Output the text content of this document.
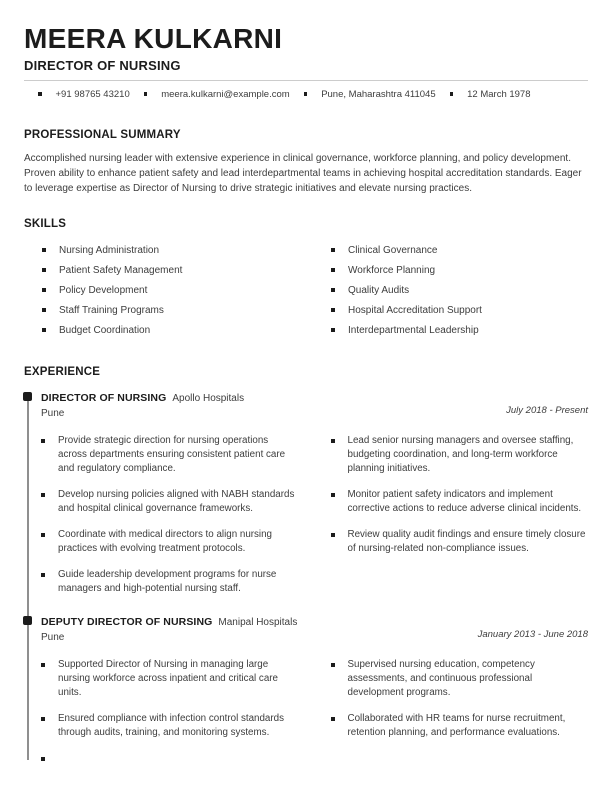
MEERA KULKARNI
DIRECTOR OF NURSING
+91 98765 43210	meera.kulkarni@example.com	Pune, Maharashtra 411045	12 March 1978
PROFESSIONAL SUMMARY

Accomplished nursing leader with extensive experience in clinical governance, workforce planning, and policy development. Proven ability to enhance patient safety and lead interdepartmental teams in achieving hospital accreditation standards. Eager to leverage expertise as Director of Nursing to drive strategic initiatives and elevate nursing practices.

SKILLS
Nursing Administration
Patient Safety Management
Policy Development
Staff Training Programs
Budget Coordination
Clinical Governance
Workforce Planning
Quality Audits
Hospital Accreditation Support
Interdepartmental Leadership
EXPERIENCE
DIRECTOR OF NURSING Apollo Hospitals
Pune	July 2018 - Present
Provide strategic direction for nursing operations across departments ensuring consistent patient care and regulatory compliance.
Develop nursing policies aligned with NABH standards and hospital clinical governance frameworks.
Coordinate with medical directors to align nursing practices with evolving treatment protocols.
Guide leadership development programs for nurse managers and high-potential nursing staff.
Lead senior nursing managers and oversee staffing, budgeting coordination, and long-term workforce planning initiatives.
Monitor patient safety indicators and implement corrective actions to reduce adverse clinical incidents.
Review quality audit findings and ensure timely closure of nursing-related non-compliance issues.
DEPUTY DIRECTOR OF NURSING Manipal Hospitals
Pune	January 2013 - June 2018
Supported Director of Nursing in managing large nursing workforce across inpatient and critical care units.
Ensured compliance with infection control standards through audits, training, and monitoring systems.
Supervised nursing education, competency assessments, and continuous professional development programs.
Collaborated with HR teams for nurse recruitment, retention planning, and performance evaluations.
